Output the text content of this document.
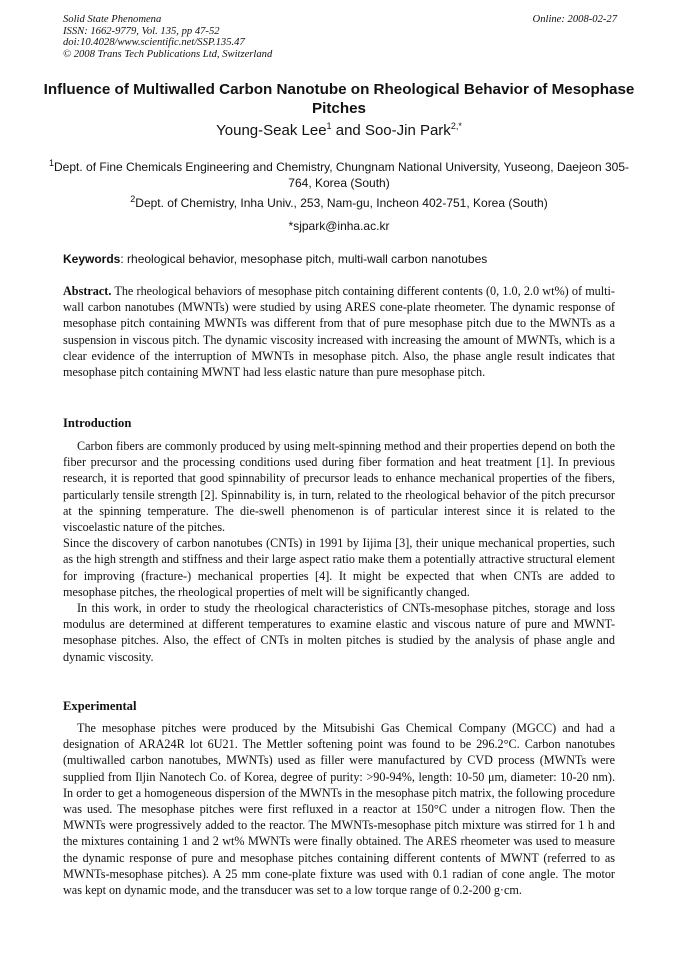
Solid State Phenomena
ISSN: 1662-9779, Vol. 135, pp 47-52
doi:10.4028/www.scientific.net/SSP.135.47
© 2008 Trans Tech Publications Ltd, Switzerland
Online: 2008-02-27
Influence of Multiwalled Carbon Nanotube on Rheological Behavior of Mesophase Pitches
Young-Seak Lee$^1$ and Soo-Jin Park$^{2,*}$
$^1$Dept. of Fine Chemicals Engineering and Chemistry, Chungnam National University, Yuseong, Daejeon 305-764, Korea (South)
$^2$Dept. of Chemistry, Inha Univ., 253, Nam-gu, Incheon 402-751, Korea (South)
*sjpark@inha.ac.kr
Keywords: rheological behavior, mesophase pitch, multi-wall carbon nanotubes

Abstract. The rheological behaviors of mesophase pitch containing different contents (0, 1.0, 2.0 wt%) of multi-wall carbon nanotubes (MWNTs) were studied by using ARES cone-plate rheometer. The dynamic response of mesophase pitch containing MWNTs was different from that of pure mesophase pitch due to the MWNTs as a suspension in viscous pitch. The dynamic viscosity increased with increasing the amount of MWNTs, which is a clear evidence of the interruption of MWNTs in mesophase pitch. Also, the phase angle result indicates that mesophase pitch containing MWNT had less elastic nature than pure mesophase pitch.

Introduction

Carbon fibers are commonly produced by using melt-spinning method and their properties depend on both the fiber precursor and the processing conditions used during fiber formation and heat treatment [1]. In previous research, it is reported that good spinnability of precursor leads to enhance mechanical properties of the fibers, particularly tensile strength [2]. Spinnability is, in turn, related to the rheological behavior of the pitch precursor at the spinning temperature. The die-swell phenomenon is of particular interest since it is related to the viscoelastic nature of the pitches.

Since the discovery of carbon nanotubes (CNTs) in 1991 by Iijima [3], their unique mechanical properties, such as the high strength and stiffness and their large aspect ratio make them a potentially attractive structural element for improving (fracture-) mechanical properties [4]. It might be expected that when CNTs are added to mesophase pitches, the rheological properties of melt will be significantly changed.

In this work, in order to study the rheological characteristics of CNTs-mesophase pitches, storage and loss modulus are determined at different temperatures to examine elastic and viscous nature of pure and MWNT-mesophase pitches. Also, the effect of CNTs in molten pitches is studied by the analysis of phase angle and dynamic viscosity.

Experimental

The mesophase pitches were produced by the Mitsubishi Gas Chemical Company (MGCC) and had a designation of ARA24R lot 6U21. The Mettler softening point was found to be 296.2°C. Carbon nanotubes (multiwalled carbon nanotubes, MWNTs) used as filler were manufactured by CVD process (MWNTs were supplied from Iljin Nanotech Co. of Korea, degree of purity: >90-94%, length: 10-50 μm, diameter: 10-20 nm). In order to get a homogeneous dispersion of the MWNTs in the mesophase pitch matrix, the following procedure was used. The mesophase pitches were first refluxed in a reactor at 150°C under a nitrogen flow. Then the MWNTs were progressively added to the reactor. The MWNTs-mesophase pitch mixture was stirred for 1 h and the mixtures containing 1 and 2 wt% MWNTs were finally obtained. The ARES rheometer was used to measure the dynamic response of pure and mesophase pitches containing different contents of MWNT (referred to as MWNTs-mesophase pitches). A 25 mm cone-plate fixture was used with 0.1 radian of cone angle. The motor was kept on dynamic mode, and the transducer was set to a low torque range of 0.2-200 g·cm.
